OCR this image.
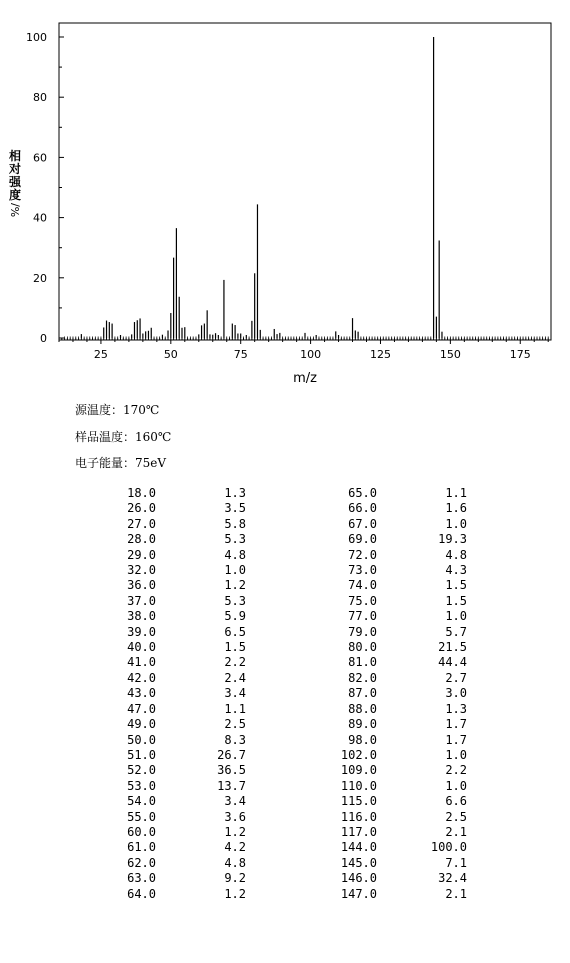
0
20
40
60
80
100
25	50	75	100	125	150	175
m/z
相
对
强
度
%/
源温度：170℃
样品温度：160℃
电子能量：75eV
18.0	1.3	65.0	1.1
26.0	3.5	66.0	1.6
27.0	5.8	67.0	1.0
28.0	5.3	69.0	19.3
29.0	4.8	72.0	4.8
32.0	1.0	73.0	4.3
36.0	1.2	74.0	1.5
37.0	5.3	75.0	1.5
38.0	5.9	77.0	1.0
39.0	6.5	79.0	5.7
40.0	1.5	80.0	21.5
41.0	2.2	81.0	44.4
42.0	2.4	82.0	2.7
43.0	3.4	87.0	3.0
47.0	1.1	88.0	1.3
49.0	2.5	89.0	1.7
50.0	8.3	98.0	1.7
51.0	26.7	102.0	1.0
52.0	36.5	109.0	2.2
53.0	13.7	110.0	1.0
54.0	3.4	115.0	6.6
55.0	3.6	116.0	2.5
60.0	1.2	117.0	2.1
61.0	4.2	144.0	100.0
62.0	4.8	145.0	7.1
63.0	9.2	146.0	32.4
64.0	1.2	147.0	2.1
